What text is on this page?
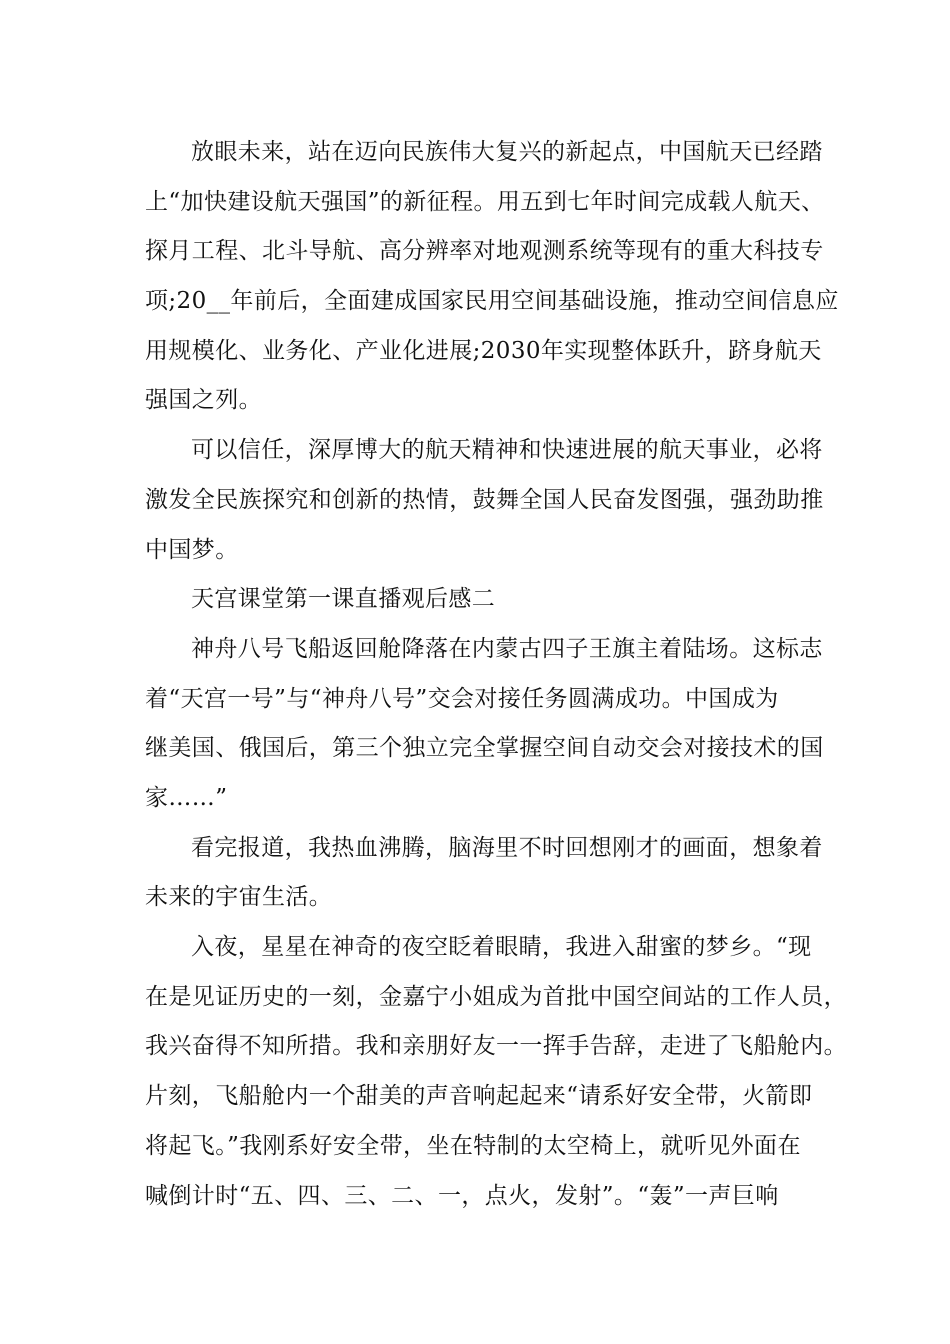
放眼未来，站在迈向民族伟大复兴的新起点，中国航天已经踏
上“加快建设航天强国”的新征程。用五到七年时间完成载人航天、
探月工程、北斗导航、高分辨率对地观测系统等现有的重大科技专
项;20__年前后，全面建成国家民用空间基础设施，推动空间信息应
用规模化、业务化、产业化进展;2030年实现整体跃升，跻身航天
强国之列。
可以信任，深厚博大的航天精神和快速进展的航天事业，必将
激发全民族探究和创新的热情，鼓舞全国人民奋发图强，强劲助推
中国梦。
天宫课堂第一课直播观后感二
神舟八号飞船返回舱降落在内蒙古四子王旗主着陆场。这标志
着“天宫一号”与“神舟八号”交会对接任务圆满成功。中国成为
继美国、俄国后，第三个独立完全掌握空间自动交会对接技术的国
家……”
看完报道，我热血沸腾，脑海里不时回想刚才的画面，想象着
未来的宇宙生活。
入夜，星星在神奇的夜空眨着眼睛，我进入甜蜜的梦乡。“现
在是见证历史的一刻，金嘉宁小姐成为首批中国空间站的工作人员，
我兴奋得不知所措。我和亲朋好友一一挥手告辞，走进了飞船舱内。
片刻，飞船舱内一个甜美的声音响起起来“请系好安全带，火箭即
将起飞。”我刚系好安全带，坐在特制的太空椅上，就听见外面在
喊倒计时“五、四、三、二、一，点火，发射”。“轰”一声巨响
